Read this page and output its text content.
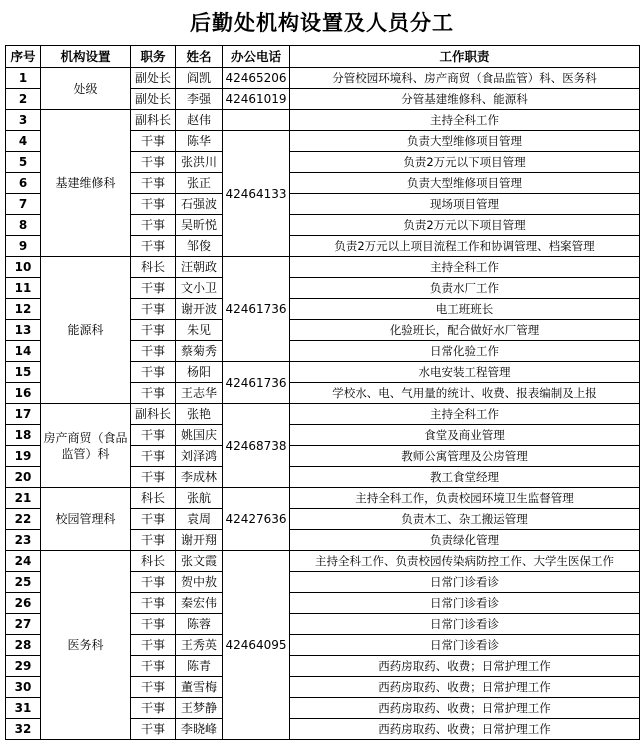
后勤处机构设置及人员分工
序号	机构设置	职务	姓名	办公电话	工作职责
1	处级	副处长	阎凯	42465206	分管校园环境科、房产商贸（食品监管）科、医务科
2		副处长	李强	42461019	分管基建维修科、能源科
3	基建维修科	副科长	赵伟		主持全科工作
4		干事	陈华	42464133	负责大型维修项目管理
5		干事	张洪川		负责2万元以下项目管理
6		干事	张正		负责大型维修项目管理
7		干事	石强波		现场项目管理
8		干事	吴昕悦		负责2万元以下项目管理
9		干事	邹俊		负责2万元以上项目流程工作和协调管理、档案管理
10	能源科	科长	汪朝政	42461736	主持全科工作
11		干事	文小卫		负责水厂工作
12		干事	谢开波		电工班班长
13		干事	朱见		化验班长，配合做好水厂管理
14		干事	蔡菊秀		日常化验工作
15		干事	杨阳	42461736	水电安装工程管理
16		干事	王志华		学校水、电、气用量的统计、收费、报表编制及上报
17	房产商贸（食品监管）科	副科长	张艳	42468738	主持全科工作
18		干事	姚国庆		食堂及商业管理
19		干事	刘泽鸿		教师公寓管理及公房管理
20		干事	李成林		教工食堂经理
21	校园管理科	科长	张航	42427636	主持全科工作，负责校园环境卫生监督管理
22		干事	袁周		负责木工、杂工搬运管理
23		干事	谢开翔		负责绿化管理
24	医务科	科长	张文霞	42464095	主持全科工作、负责校园传染病防控工作、大学生医保工作
25		干事	贺中敖		日常门诊看诊
26		干事	秦宏伟		日常门诊看诊
27		干事	陈蓉		日常门诊看诊
28		干事	王秀英		日常门诊看诊
29		干事	陈青		西药房取药、收费；日常护理工作
30		干事	董雪梅		西药房取药、收费；日常护理工作
31		干事	王梦静		西药房取药、收费；日常护理工作
32		干事	李晓峰		西药房取药、收费；日常护理工作
